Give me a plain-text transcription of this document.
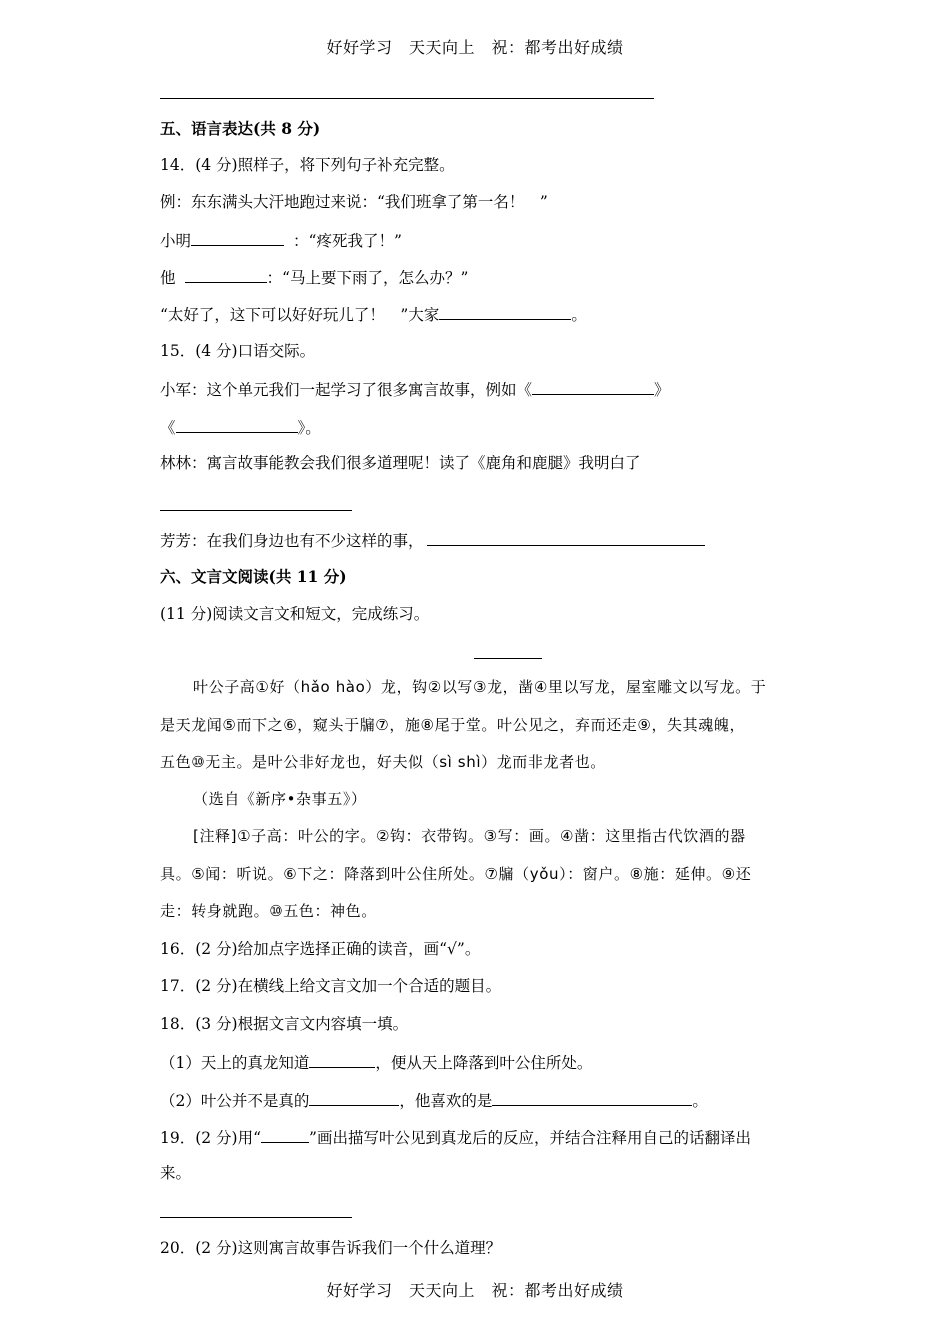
好好学习　天天向上　祝：都考出好成绩
五、语言表达(共 8 分)
14．(4 分)照样子，将下列句子补充完整。
例：东东满头大汗地跑过来说：“我们班拿了第一名！　”
小明	：“疼死我了！”
他	：“马上要下雨了，怎么办？”
“太好了，这下可以好好玩儿了！　”大家	。
15．(4 分)口语交际。
小军：这个单元我们一起学习了很多寓言故事，例如《	》
《	》。
林林：寓言故事能教会我们很多道理呢！读了《鹿角和鹿腿》我明白了
芳芳：在我们身边也有不少这样的事，
六、文言文阅读(共 11 分)
(11 分)阅读文言文和短文，完成练习。
叶公子高①好（hǎo hào）龙，钩②以写③龙，凿④里以写龙，屋室雕文以写龙。于
是天龙闻⑤而下之⑥，窥头于牖⑦，施⑧尾于堂。叶公见之，弃而还走⑨，失其魂魄，
五色⑩无主。是叶公非好龙也，好夫似（sì shì）龙而非龙者也。
（选自《新序•杂事五》）
[注释]①子高：叶公的字。②钩：衣带钩。③写：画。④凿：这里指古代饮酒的器
具。⑤闻：听说。⑥下之：降落到叶公住所处。⑦牖（yǒu）：窗户。⑧施：延伸。⑨还
走：转身就跑。⑩五色：神色。
16．(2 分)给加点字选择正确的读音，画“√”。
17．(2 分)在横线上给文言文加一个合适的题目。
18．(3 分)根据文言文内容填一填。
（1）天上的真龙知道	，便从天上降落到叶公住所处。
（2）叶公并不是真的	，他喜欢的是	。
19．(2 分)用“	”画出描写叶公见到真龙后的反应，并结合注释用自己的话翻译出
来。
20．(2 分)这则寓言故事告诉我们一个什么道理？
好好学习　天天向上　祝：都考出好成绩
